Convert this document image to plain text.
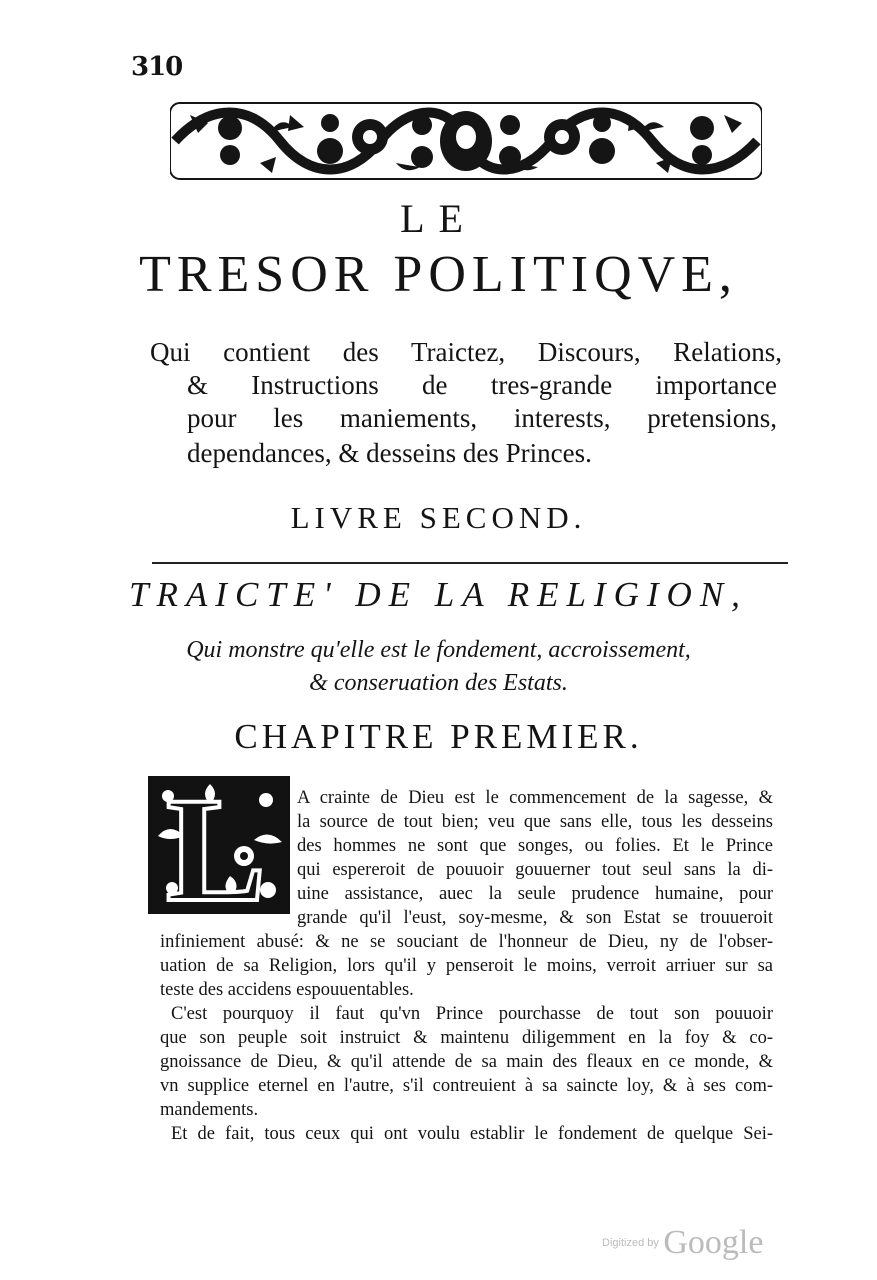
310
LE
TRESOR POLITIQVE,
Qui contient des Traictez, Discours, Relations,
& Instructions de tres-grande importance
pour les maniements, interests, pretensions,
dependances, & desseins des Princes.
LIVRE SECOND.
TRAICTE' DE LA RELIGION,
Qui monstre qu'elle est le fondement, accroissement,
& conseruation des Estats.
CHAPITRE PREMIER.
L A crainte de Dieu est le commencement de la sagesse, &
la source de tout bien; veu que sans elle, tous les desseins
des hommes ne sont que songes, ou folies. Et le Prince
qui espereroit de pouuoir gouuerner tout seul sans la di-
uine assistance, auec la seule prudence humaine, pour
grande qu'il l'eust, soy-mesme, & son Estat se trouueroit
infiniement abusé: & ne se souciant de l'honneur de Dieu, ny de l'obser-
uation de sa Religion, lors qu'il y penseroit le moins, verroit arriuer sur sa
teste des accidens espouuentables.
C'est pourquoy il faut qu'vn Prince pourchasse de tout son pouuoir
que son peuple soit instruict & maintenu diligemment en la foy & co-
gnoissance de Dieu, & qu'il attende de sa main des fleaux en ce monde, &
vn supplice eternel en l'autre, s'il contreuient à sa saincte loy, & à ses com-
mandements.
Et de fait, tous ceux qui ont voulu establir le fondement de quelque Sei-
Digitized by Google
